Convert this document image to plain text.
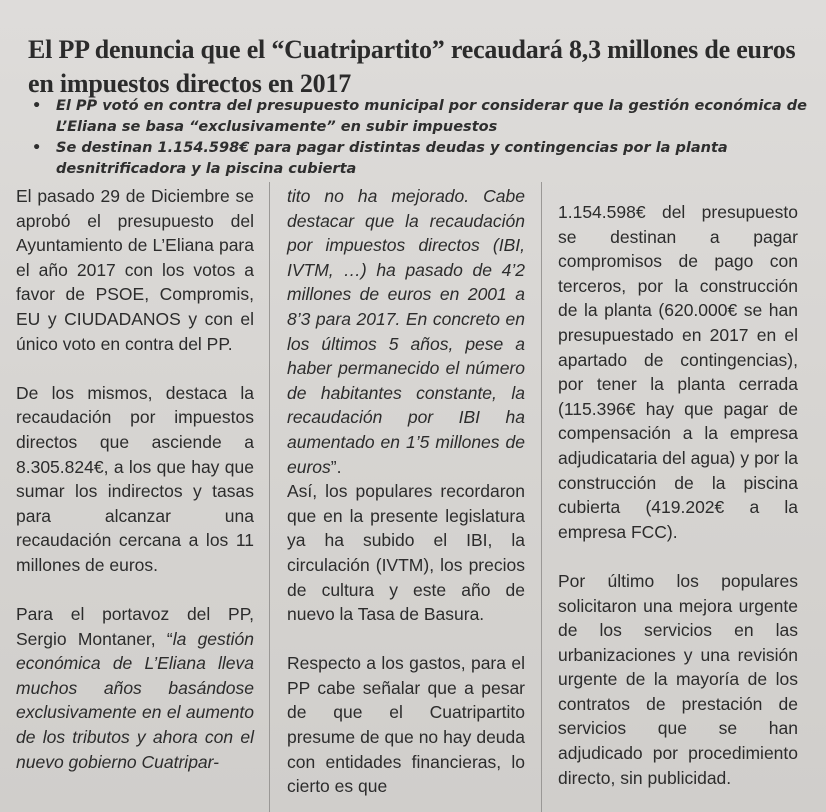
El PP denuncia que el “Cuatripartito” recaudará 8,3 millones de euros en impuestos directos en 2017
• El PP votó en contra del presupuesto municipal por considerar que la gestión económica de L’Eliana se basa “exclusivamente” en subir impuestos
• Se destinan 1.154.598€ para pagar distintas deudas y contingencias por la planta desnitrificadora y la piscina cubierta

El pasado 29 de Diciembre se aprobó el presupuesto del Ayuntamiento de L’Eliana para el año 2017 con los votos a favor de PSOE, Compromis, EU y CIUDADANOS y con el único voto en contra del PP.

De los mismos, destaca la recaudación por impuestos directos que asciende a 8.305.824€, a los que hay que sumar los indirectos y tasas para alcanzar una recaudación cercana a los 11 millones de euros.

Para el portavoz del PP, Sergio Montaner, “la gestión económica de L’Eliana lleva muchos años basándose exclusivamente en el aumento de los tributos y ahora con el nuevo gobierno Cuatripar-

tito no ha mejorado. Cabe destacar que la recaudación por impuestos directos (IBI, IVTM, …) ha pasado de 4’2 millones de euros en 2001 a 8’3 para 2017. En concreto en los últimos 5 años, pese a haber permanecido el número de habitantes constante, la recaudación por IBI ha aumentado en 1’5 millones de euros”.

Así, los populares recordaron que en la presente legislatura ya ha subido el IBI, la circulación (IVTM), los precios de cultura y este año de nuevo la Tasa de Basura.

Respecto a los gastos, para el PP cabe señalar que a pesar de que el Cuatripartito presume de que no hay deuda con entidades financieras, lo cierto es que

1.154.598€ del presupuesto se destinan a pagar compromisos de pago con terceros, por la construcción de la planta (620.000€ se han presupuestado en 2017 en el apartado de contingencias), por tener la planta cerrada (115.396€ hay que pagar de compensación a la empresa adjudicataria del agua) y por la construcción de la piscina cubierta (419.202€ a la empresa FCC).

Por último los populares solicitaron una mejora urgente de los servicios en las urbanizaciones y una revisión urgente de la mayoría de los contratos de prestación de servicios que se han adjudicado por procedimiento directo, sin publicidad.
